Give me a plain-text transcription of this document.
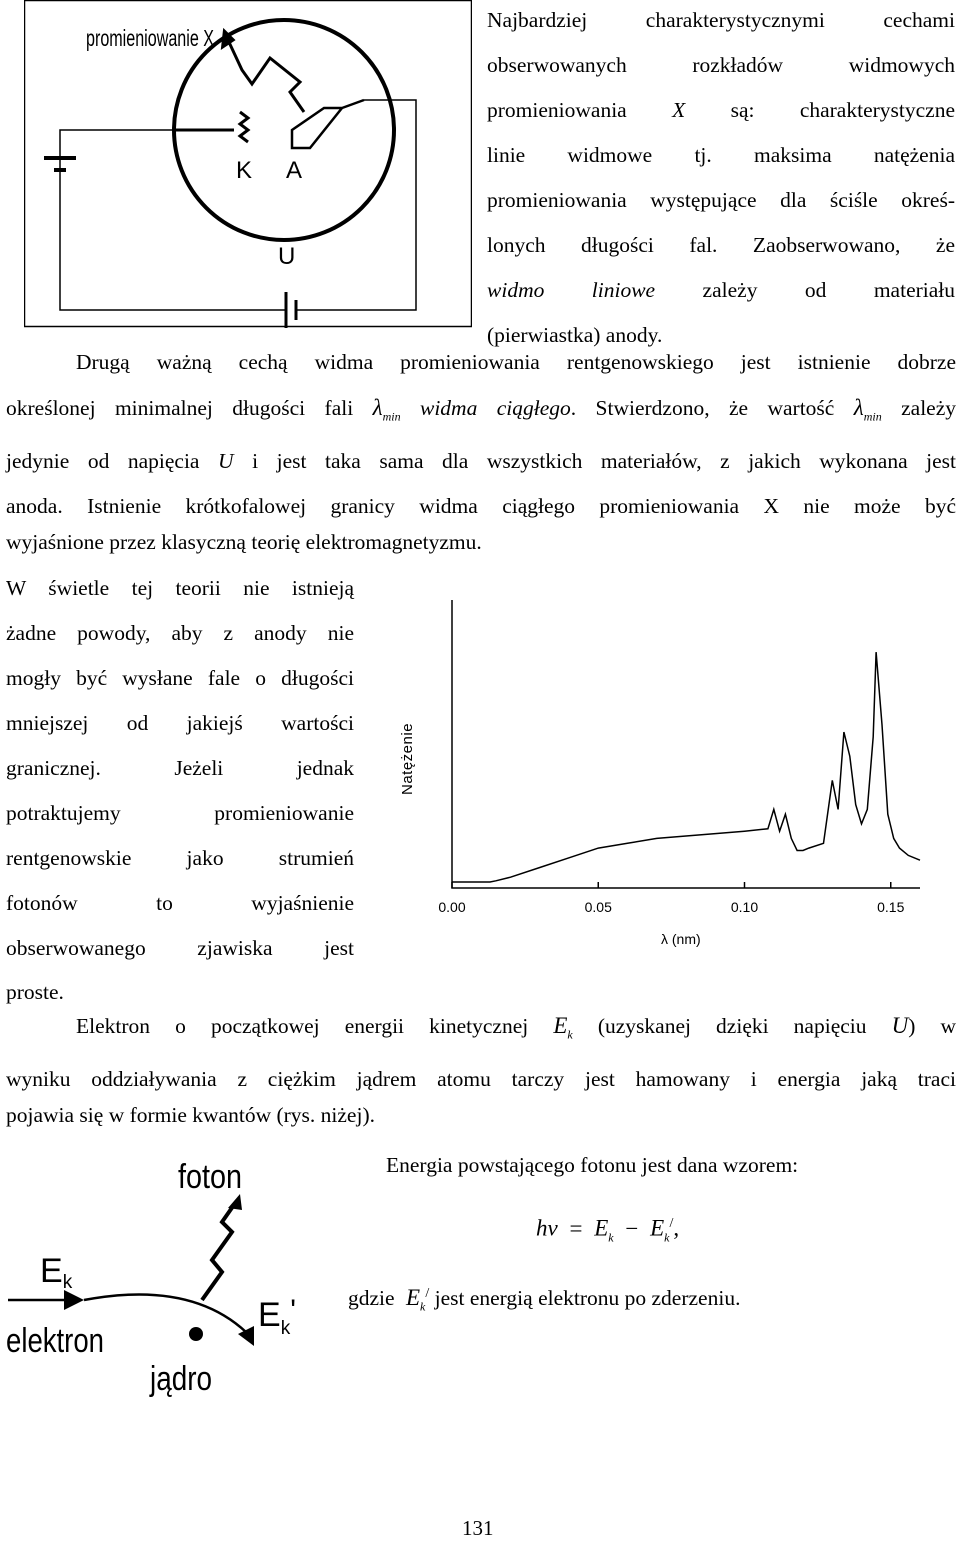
promieniowanie X
K A
U
Najbardziej charakterystycznymi cechami
obserwowanych rozkładów widmowych
promieniowania X są: charakterystyczne
linie widmowe tj. maksima natężenia
promieniowania występujące dla ściśle okreś-
lonych długości fal. Zaobserwowano, że
widmo liniowe zależy od materiału
(pierwiastka) anody.
Drugą ważną cechą widma promieniowania rentgenowskiego jest istnienie dobrze
określonej minimalnej długości fali $\lambda_{min}$ widma ciągłego. Stwierdzono, że wartość $\lambda_{min}$ zależy
jedynie od napięcia U i jest taka sama dla wszystkich materiałów, z jakich wykonana jest
anoda. Istnienie krótkofalowej granicy widma ciągłego promieniowania X nie może być
wyjaśnione przez klasyczną teorię elektromagnetyzmu.
W świetle tej teorii nie istnieją
żadne powody, aby z anody nie
mogły być wysłane fale o długości
mniejszej od jakiejś wartości
granicznej. Jeżeli jednak
potraktujemy promieniowanie
rentgenowskie jako strumień
fotonów to wyjaśnienie
obserwowanego zjawiska jest
proste.
Natężenie
λ (nm)
0.00	0.05	0.10	0.15
Elektron o początkowej energii kinetycznej $E_k$ (uzyskanej dzięki napięciu U) w
wyniku oddziaływania z ciężkim jądrem atomu tarczy jest hamowany i energia jaką traci
pojawia się w formie kwantów (rys. niżej).
foton
Ek
$E_k'$
elektron
jądro
Energia powstającego fotonu jest dana wzorem:
$h\nu = E_k - E_k^/$,
gdzie $E_k^/$ jest energią elektronu po zderzeniu.
131
